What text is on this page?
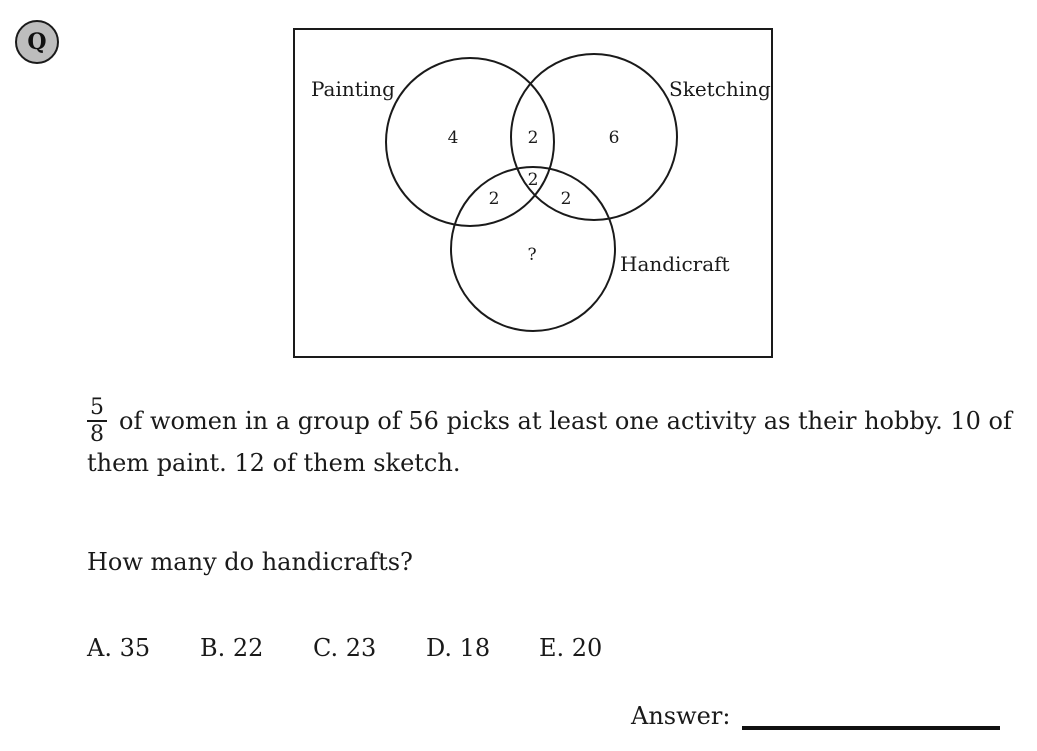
Q
Painting	Sketching
Handicraft
4	2	6
2
2	2
?
$\frac{5}{8}$ of women in a group of 56 picks at least one activity as their hobby. 10 of
them paint. 12 of them sketch.
How many do handicrafts?
A. 35	B. 22	C. 23	D. 18	E. 20
Answer:
